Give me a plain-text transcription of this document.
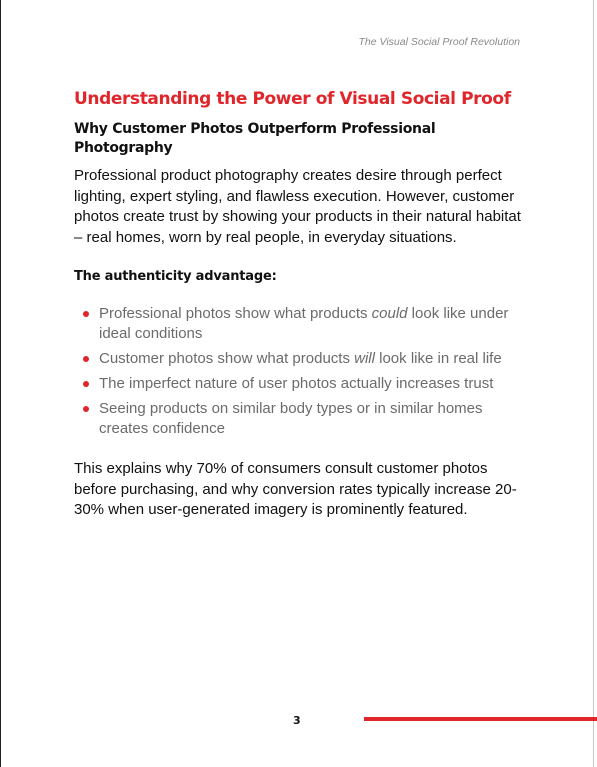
The Visual Social Proof Revolution
Understanding the Power of Visual Social Proof
Why Customer Photos Outperform Professional Photography

Professional product photography creates desire through perfect lighting, expert styling, and flawless execution. However, customer photos create trust by showing your products in their natural habitat – real homes, worn by real people, in everyday situations.

The authenticity advantage:

Professional photos show what products could look like under ideal conditions
Customer photos show what products will look like in real life
The imperfect nature of user photos actually increases trust
Seeing products on similar body types or in similar homes creates confidence

This explains why 70% of consumers consult customer photos before purchasing, and why conversion rates typically increase 20-30% when user-generated imagery is prominently featured.

3
